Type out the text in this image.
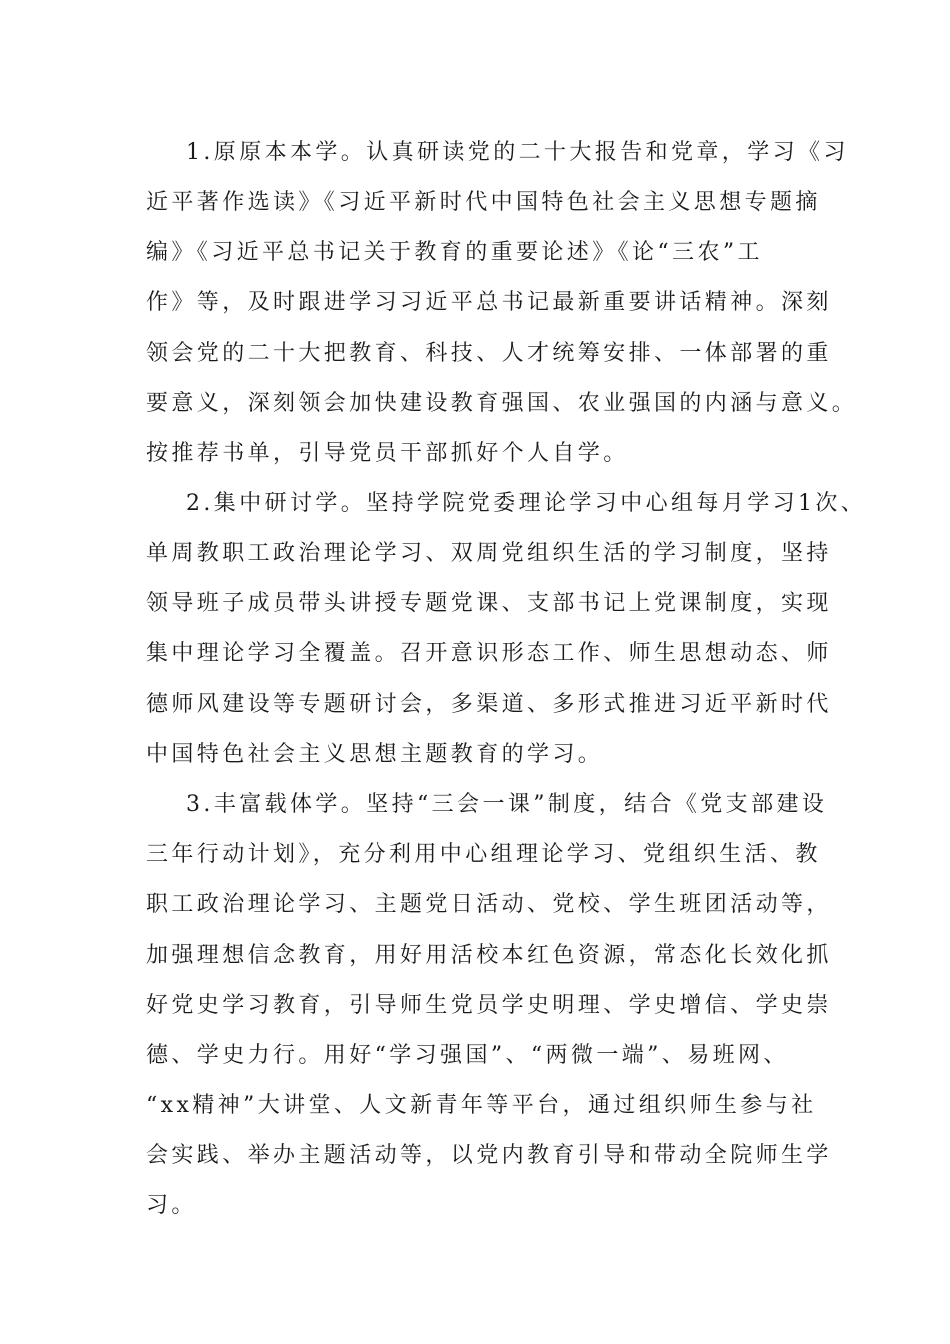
1.原原本本学。认真研读党的二十大报告和党章，学习《习

近平著作选读》《习近平新时代中国特色社会主义思想专题摘

编》《习近平总书记关于教育的重要论述》《论“三农”工

作》等，及时跟进学习习近平总书记最新重要讲话精神。深刻

领会党的二十大把教育、科技、人才统筹安排、一体部署的重

要意义，深刻领会加快建设教育强国、农业强国的内涵与意义。

按推荐书单，引导党员干部抓好个人自学。

2.集中研讨学。坚持学院党委理论学习中心组每月学习1次、

单周教职工政治理论学习、双周党组织生活的学习制度，坚持

领导班子成员带头讲授专题党课、支部书记上党课制度，实现

集中理论学习全覆盖。召开意识形态工作、师生思想动态、师

德师风建设等专题研讨会，多渠道、多形式推进习近平新时代

中国特色社会主义思想主题教育的学习。

3.丰富载体学。坚持“三会一课”制度，结合《党支部建设

三年行动计划》，充分利用中心组理论学习、党组织生活、教

职工政治理论学习、主题党日活动、党校、学生班团活动等，

加强理想信念教育，用好用活校本红色资源，常态化长效化抓

好党史学习教育，引导师生党员学史明理、学史增信、学史崇

德、学史力行。用好“学习强国”、“两微一端”、易班网、

“xx精神”大讲堂、人文新青年等平台，通过组织师生参与社

会实践、举办主题活动等，以党内教育引导和带动全院师生学

习。
